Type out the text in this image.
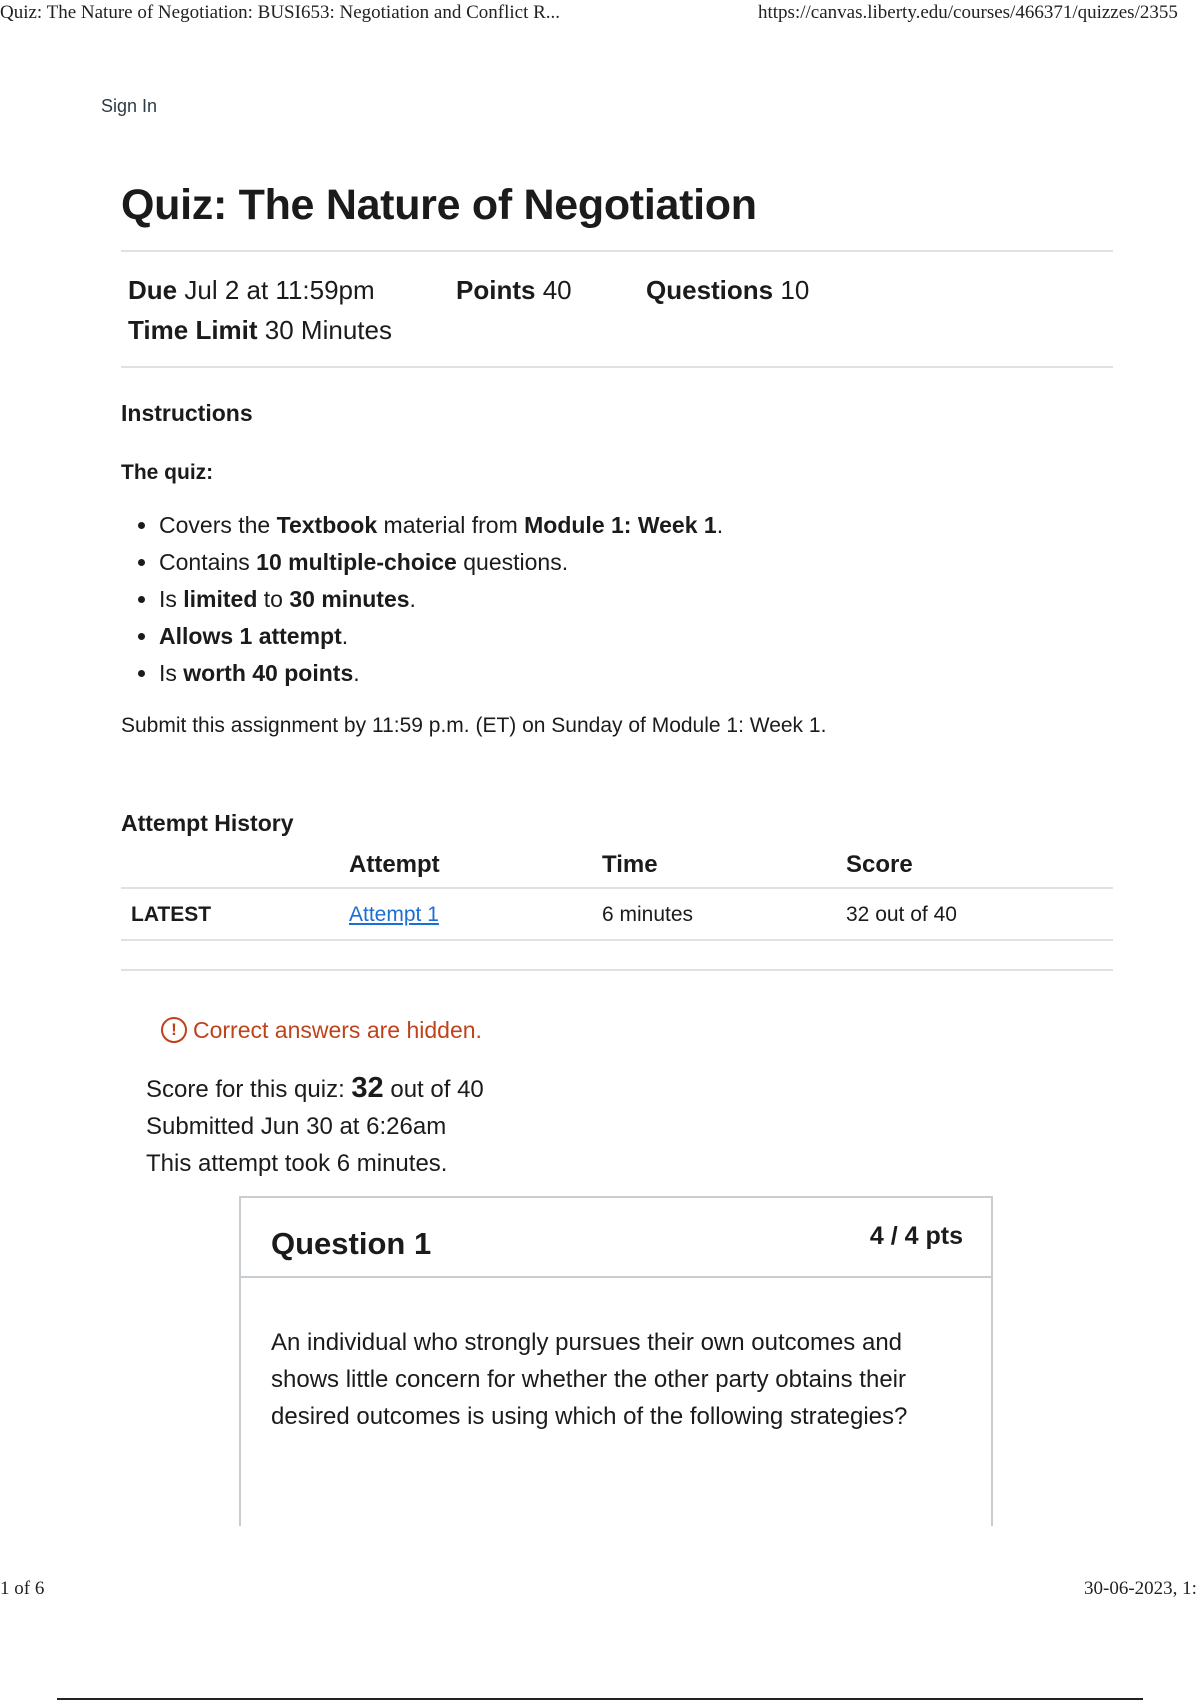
Quiz: The Nature of Negotiation: BUSI653: Negotiation and Conflict R...	https://canvas.liberty.edu/courses/466371/quizzes/2355
Sign In
Quiz: The Nature of Negotiation
Due Jul 2 at 11:59pm	Points 40	Questions 10
Time Limit 30 Minutes
Instructions
The quiz:
• Covers the Textbook material from Module 1: Week 1.
• Contains 10 multiple-choice questions.
• Is limited to 30 minutes.
• Allows 1 attempt.
• Is worth 40 points.
Submit this assignment by 11:59 p.m. (ET) on Sunday of Module 1: Week 1.
Attempt History
	Attempt	Time	Score
LATEST	Attempt 1	6 minutes	32 out of 40
! Correct answers are hidden.
Score for this quiz: 32 out of 40
Submitted Jun 30 at 6:26am
This attempt took 6 minutes.
Question 1	4 / 4 pts
An individual who strongly pursues their own outcomes and shows little concern for whether the other party obtains their desired outcomes is using which of the following strategies?
1 of 6	30-06-2023, 1:
